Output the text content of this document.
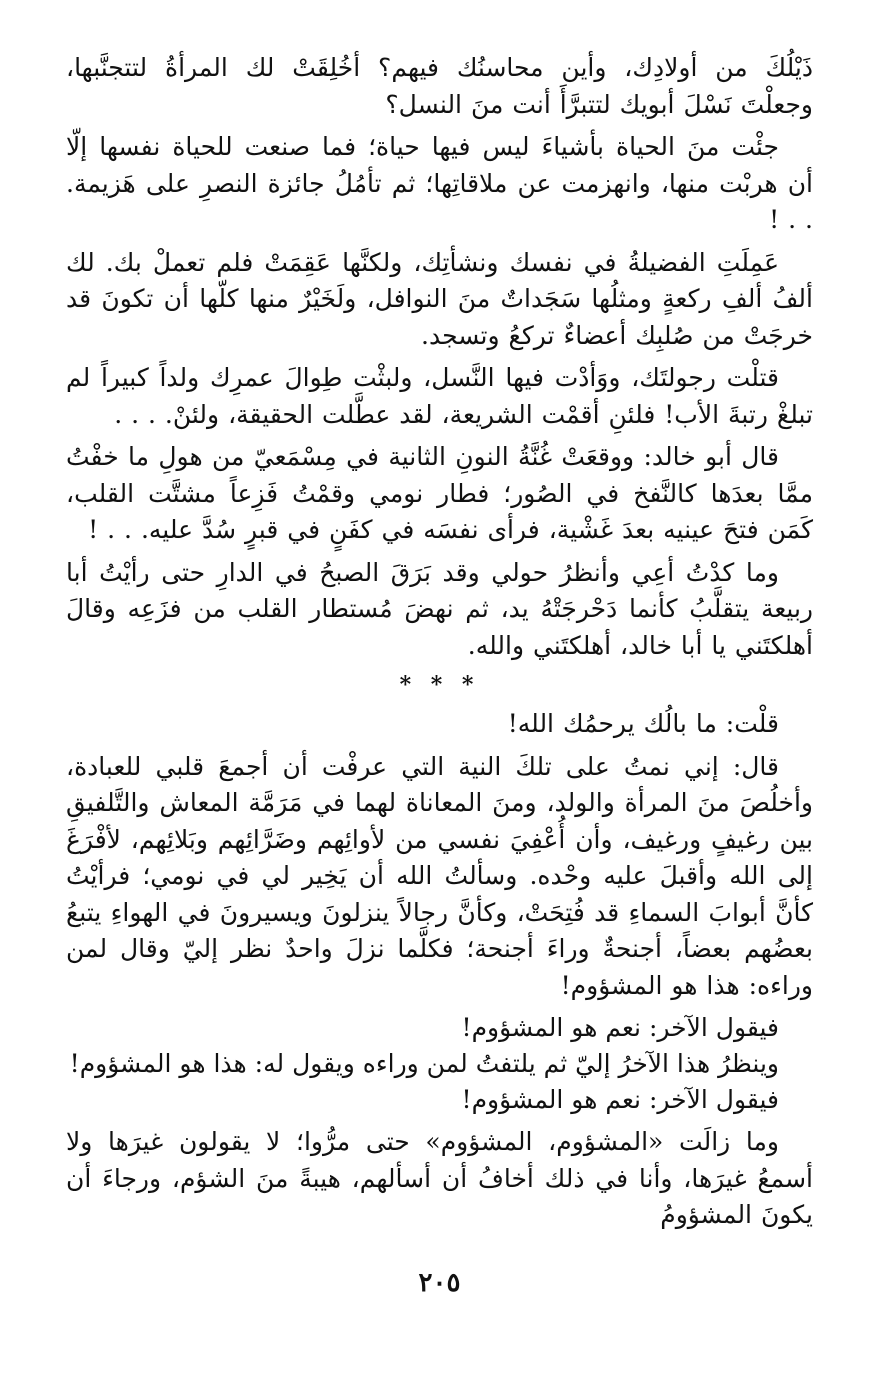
ذَيْلُكَ من أولادِك، وأين محاسنُك فيهم؟ أخُلِقَتْ لك المرأةُ لتتجنَّبها، وجعلْتَ نَسْلَ أبويك لتتبرَّأَ أنت منَ النسل؟

جئْت منَ الحياة بأشياءَ ليس فيها حياة؛ فما صنعت للحياة نفسها إلّا أن هربْت منها، وانهزمت عن ملاقاتِها؛ ثم تأمُلُ جائزة النصرِ على هَزيمة. . . !

عَمِلَتِ الفضيلةُ في نفسك ونشأتِك، ولكنَّها عَقِمَتْ فلم تعملْ بك. لك ألفُ ألفِ ركعةٍ ومثلُها سَجَداتٌ منَ النوافل، ولَخَيْرٌ منها كلّها أن تكونَ قد خرجَتْ من صُلبِك أعضاءٌ تركعُ وتسجد.

قتلْت رجولتَك، ووَأدْت فيها النَّسل، ولبثْت طِوالَ عمرِك ولداً كبيراً لم تبلغْ رتبةَ الأب! فلئنِ أقمْت الشريعة، لقد عطَّلت الحقيقة، ولئنْ. . . .

قال أبو خالد: ووقعَتْ غُنَّةُ النونِ الثانية في مِسْمَعيّ من هولِ ما خفْتُ ممَّا بعدَها كالنَّفخ في الصُور؛ فطار نومي وقمْتُ فَزِعاً مشتَّت القلب، كَمَن فتحَ عينيه بعدَ غَشْية، فرأى نفسَه في كفَنٍ في قبرٍ سُدَّ عليه. . . !

وما كدْتُ أعِي وأنظرُ حولي وقد بَرَقَ الصبحُ في الدارِ حتى رأيْتُ أبا ربيعة يتقلَّبُ كأنما دَحْرجَتْهُ يد، ثم نهضَ مُستطار القلب من فزَعِه وقالَ أهلكتَني يا أبا خالد، أهلكتَني والله.

* * *

قلْت: ما بالُك يرحمُك الله!

قال: إني نمتُ على تلكَ النية التي عرفْت أن أجمعَ قلبي للعبادة، وأخلُصَ منَ المرأة والولد، ومنَ المعاناة لهما في مَرَمَّة المعاش والتَّلفيقِ بين رغيفٍ ورغيف، وأن أُعْفِيَ نفسي من لأوائِهم وضَرَّائِهم وبَلائِهم، لأفْرَغَ إلى الله وأقبلَ عليه وحْده. وسألتُ الله أن يَخِير لي في نومي؛ فرأيْتُ كأنَّ أبوابَ السماءِ قد فُتِحَتْ، وكأنَّ رجالاً ينزلونَ ويسيرونَ في الهواءِ يتبعُ بعضُهم بعضاً، أجنحةٌ وراءَ أجنحة؛ فكلَّما نزلَ واحدٌ نظر إليّ وقال لمن وراءه: هذا هو المشؤوم!

فيقول الآخر: نعم هو المشؤوم!

وينظرُ هذا الآخرُ إليّ ثم يلتفتُ لمن وراءه ويقول له: هذا هو المشؤوم!

فيقول الآخر: نعم هو المشؤوم!

وما زالَت «المشؤوم، المشؤوم» حتى مرُّوا؛ لا يقولون غيرَها ولا أسمعُ غيرَها، وأنا في ذلك أخافُ أن أسألهم، هيبةً منَ الشؤم، ورجاءَ أن يكونَ المشؤومُ

٢٠٥
